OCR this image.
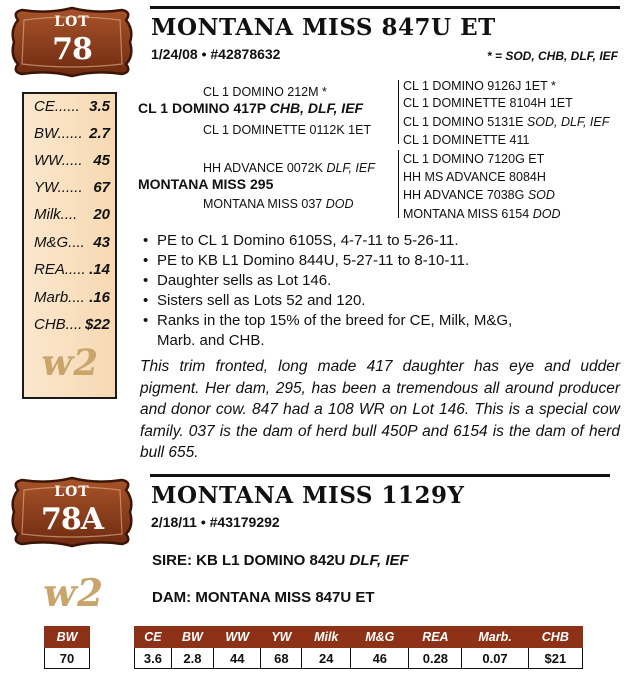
LOT
78
MONTANA MISS 847U ET
1/24/08 • #42878632	* = SOD, CHB, DLF, IEF
CE...... 3.5
BW...... 2.7
WW..... 45
YW...... 67
Milk.... 20
M&G.... 43
REA..... .14
Marb.... .16
CHB.... $22
w2
CL 1 DOMINO 212M *
CL 1 DOMINO 417P CHB, DLF, IEF
CL 1 DOMINETTE 0112K 1ET
HH ADVANCE 0072K DLF, IEF
MONTANA MISS 295
MONTANA MISS 037 DOD
CL 1 DOMINO 9126J 1ET *
CL 1 DOMINETTE 8104H 1ET
CL 1 DOMINO 5131E SOD, DLF, IEF
CL 1 DOMINETTE 411
CL 1 DOMINO 7120G ET
HH MS ADVANCE 8084H
HH ADVANCE 7038G SOD
MONTANA MISS 6154 DOD
• PE to CL 1 Domino 6105S, 4-7-11 to 5-26-11.
• PE to KB L1 Domino 844U, 5-27-11 to 8-10-11.
• Daughter sells as Lot 146.
• Sisters sell as Lots 52 and 120.
• Ranks in the top 15% of the breed for CE, Milk, M&G,
Marb. and CHB.
This trim fronted, long made 417 daughter has eye and udder pigment. Her dam, 295, has been a tremendous all around producer and donor cow. 847 had a 108 WR on Lot 146. This is a special cow family. 037 is the dam of herd bull 450P and 6154 is the dam of herd bull 655.
LOT
78A
MONTANA MISS 1129Y
2/18/11 • #43179292
w2
SIRE: KB L1 DOMINO 842U DLF, IEF
DAM: MONTANA MISS 847U ET
BW
70
CE	BW	WW	YW	Milk	M&G	REA	Marb.	CHB
3.6	2.8	44	68	24	46	0.28	0.07	$21
